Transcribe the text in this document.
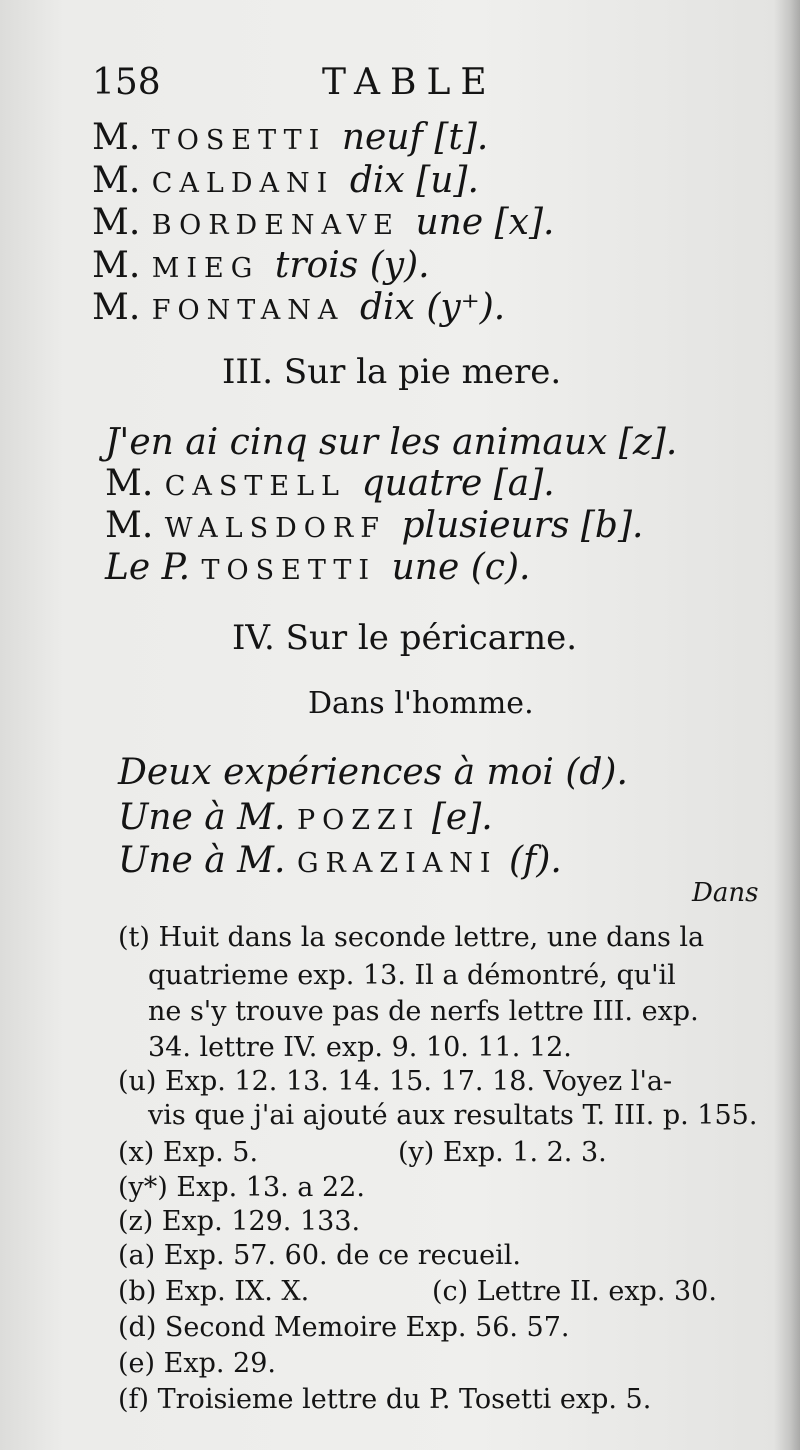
158	TABLE
M. TOSETTI neuf [t].
M. CALDANI dix [u].
M. BORDENAVE une [x].
M. MIEG trois (y).
M. FONTANA dix (y⁺).
III. Sur la pie mere.
J'en ai cinq sur les animaux [z].
M. CASTELL quatre [a].
M. WALSDORF plusieurs [b].
Le P. TOSETTI une (c).
IV. Sur le péricarne.
Dans l'homme.
Deux expériences à moi (d).
Une à M. POZZI [e].
Une à M. GRAZIANI (f).
Dans
(t) Huit dans la seconde lettre, une dans la
quatrieme exp. 13. Il a démontré, qu'il
ne s'y trouve pas de nerfs lettre III. exp.
34. lettre IV. exp. 9. 10. 11. 12.
(u) Exp. 12. 13. 14. 15. 17. 18. Voyez l'a-
vis que j'ai ajouté aux resultats T. III. p. 155.
(x) Exp. 5.	(y) Exp. 1. 2. 3.
(y*) Exp. 13. a 22.
(z) Exp. 129. 133.
(a) Exp. 57. 60. de ce recueil.
(b) Exp. IX. X.	(c) Lettre II. exp. 30.
(d) Second Memoire Exp. 56. 57.
(e) Exp. 29.
(f) Troisieme lettre du P. Tosetti exp. 5.
